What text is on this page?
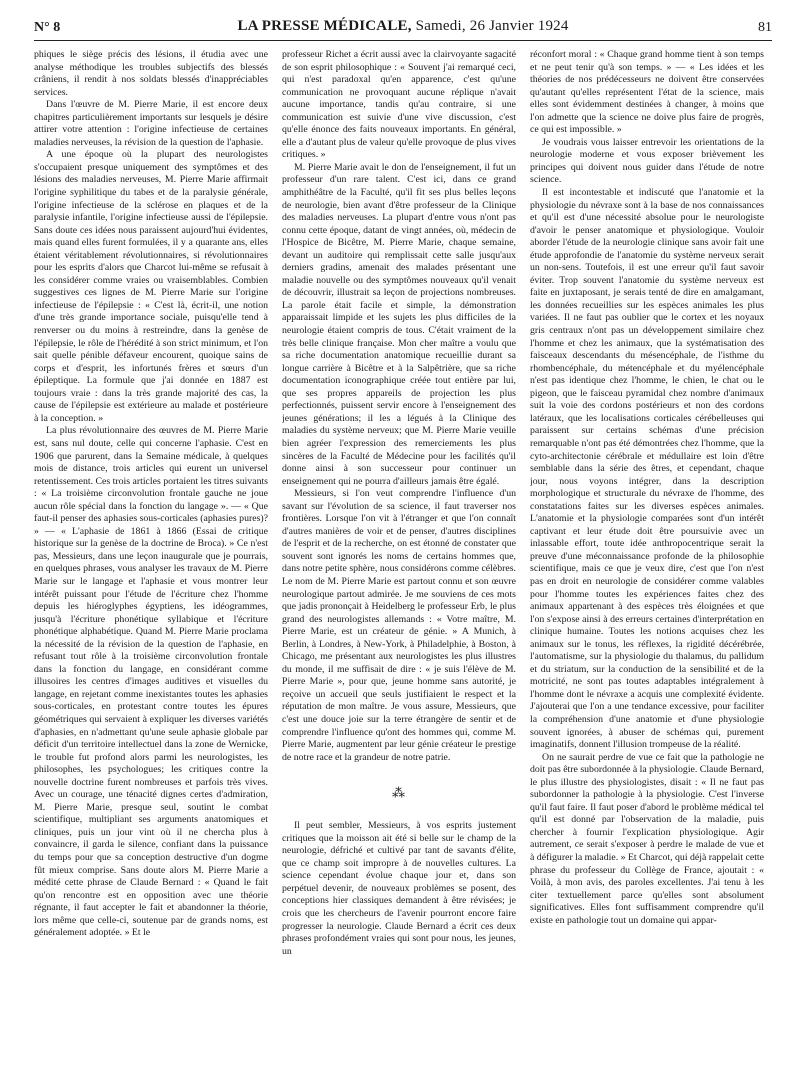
N° 8	LA PRESSE MÉDICALE, Samedi, 26 Janvier 1924	81

phiques le siège précis des lésions, il étudia avec une analyse méthodique les troubles subjectifs des blessés crâniens, il rendit à nos soldats blessés d'inappréciables services.

Dans l'œuvre de M. Pierre Marie, il est encore deux chapitres particulièrement importants sur lesquels je désire attirer votre attention : l'origine infectieuse de certaines maladies nerveuses, la révision de la question de l'aphasie.

A une époque où la plupart des neurologistes s'occupaient presque uniquement des symptômes et des lésions des maladies nerveuses, M. Pierre Marie affirmait l'origine syphilitique du tabes et de la paralysie générale, l'origine infectieuse de la sclérose en plaques et de la paralysie infantile, l'origine infectieuse aussi de l'épilepsie. Sans doute ces idées nous paraissent aujourd'hui évidentes, mais quand elles furent formulées, il y a quarante ans, elles étaient véritablement révolutionnaires, si révolutionnaires pour les esprits d'alors que Charcot lui-même se refusait à les considérer comme vraies ou vraisemblables. Combien suggestives ces lignes de M. Pierre Marie sur l'origine infectieuse de l'épilepsie : « C'est là, écrit-il, une notion d'une très grande importance sociale, puisqu'elle tend à renverser ou du moins à restreindre, dans la genèse de l'épilepsie, le rôle de l'hérédité à son strict minimum, et l'on sait quelle pénible défaveur encourent, quoique sains de corps et d'esprit, les infortunés frères et sœurs d'un épileptique. La formule que j'ai donnée en 1887 est toujours vraie : dans la très grande majorité des cas, la cause de l'épilepsie est extérieure au malade et postérieure à la conception. »

La plus révolutionnaire des œuvres de M. Pierre Marie est, sans nul doute, celle qui concerne l'aphasie. C'est en 1906 que parurent, dans la Semaine médicale, à quelques mois de distance, trois articles qui eurent un universel retentissement. Ces trois articles portaient les titres suivants : « La troisième circonvolution frontale gauche ne joue aucun rôle spécial dans la fonction du langage ». — « Que faut-il penser des aphasies sous-corticales (aphasies pures)? » — « L'aphasie de 1861 à 1866 (Essai de critique historique sur la genèse de la doctrine de Broca). » Ce n'est pas, Messieurs, dans une leçon inaugurale que je pourrais, en quelques phrases, vous analyser les travaux de M. Pierre Marie sur le langage et l'aphasie et vous montrer leur intérêt puissant pour l'étude de l'écriture chez l'homme depuis les hiéroglyphes égyptiens, les idéogrammes, jusqu'à l'écriture phonétique syllabique et l'écriture phonétique alphabétique. Quand M. Pierre Marie proclama la nécessité de la révision de la question de l'aphasie, en refusant tout rôle à la troisième circonvolution frontale dans la fonction du langage, en considérant comme illusoires les centres d'images auditives et visuelles du langage, en rejetant comme inexistantes toutes les aphasies sous-corticales, en protestant contre toutes les épures géométriques qui servaient à expliquer les diverses variétés d'aphasies, en n'admettant qu'une seule aphasie globale par déficit d'un territoire intellectuel dans la zone de Wernicke, le trouble fut profond alors parmi les neurologistes, les philosophes, les psychologues; les critiques contre la nouvelle doctrine furent nombreuses et parfois très vives. Avec un courage, une ténacité dignes certes d'admiration, M. Pierre Marie, presque seul, soutint le combat scientifique, multipliant ses arguments anatomiques et cliniques, puis un jour vint où il ne chercha plus à convaincre, il garda le silence, confiant dans la puissance du temps pour que sa conception destructive d'un dogme fût mieux comprise. Sans doute alors M. Pierre Marie a médité cette phrase de Claude Bernard : « Quand le fait qu'on rencontre est en opposition avec une théorie régnante, il faut accepter le fait et abandonner la théorie, lors même que celle-ci, soutenue par de grands noms, est généralement adoptée. » Et le

professeur Richet a écrit aussi avec la clairvoyante sagacité de son esprit philosophique : « Souvent j'ai remarqué ceci, qui n'est paradoxal qu'en apparence, c'est qu'une communication ne provoquant aucune réplique n'avait aucune importance, tandis qu'au contraire, si une communication est suivie d'une vive discussion, c'est qu'elle énonce des faits nouveaux importants. En général, elle a d'autant plus de valeur qu'elle provoque de plus vives critiques. »

M. Pierre Marie avait le don de l'enseignement, il fut un professeur d'un rare talent. C'est ici, dans ce grand amphithéâtre de la Faculté, qu'il fit ses plus belles leçons de neurologie, bien avant d'être professeur de la Clinique des maladies nerveuses. La plupart d'entre vous n'ont pas connu cette époque, datant de vingt années, où, médecin de l'Hospice de Bicêtre, M. Pierre Marie, chaque semaine, devant un auditoire qui remplissait cette salle jusqu'aux derniers gradins, amenait des malades présentant une maladie nouvelle ou des symptômes nouveaux qu'il venait de découvrir, illustrait sa leçon de projections nombreuses. La parole était facile et simple, la démonstration apparaissait limpide et les sujets les plus difficiles de la neurologie étaient compris de tous. C'était vraiment de la très belle clinique française. Mon cher maître a voulu que sa riche documentation anatomique recueillie durant sa longue carrière à Bicêtre et à la Salpêtrière, que sa riche documentation iconographique créée tout entière par lui, que ses propres appareils de projection les plus perfectionnés, puissent servir encore à l'enseignement des jeunes générations; il les a légués à la Clinique des maladies du système nerveux; que M. Pierre Marie veuille bien agréer l'expression des remerciements les plus sincères de la Faculté de Médecine pour les facilités qu'il donne ainsi à son successeur pour continuer un enseignement qui ne pourra d'ailleurs jamais être égalé.

Messieurs, si l'on veut comprendre l'influence d'un savant sur l'évolution de sa science, il faut traverser nos frontières. Lorsque l'on vit à l'étranger et que l'on connaît d'autres manières de voir et de penser, d'autres disciplines de l'esprit et de la recherche, on est étonné de constater que souvent sont ignorés les noms de certains hommes que, dans notre petite sphère, nous considérons comme célèbres. Le nom de M. Pierre Marie est partout connu et son œuvre neurologique partout admirée. Je me souviens de ces mots que jadis prononçait à Heidelberg le professeur Erb, le plus grand des neurologistes allemands : « Votre maître, M. Pierre Marie, est un créateur de génie. » A Munich, à Berlin, à Londres, à New-York, à Philadelphie, à Boston, à Chicago, me présentant aux neurologistes les plus illustres du monde, il me suffisait de dire : « je suis l'élève de M. Pierre Marie », pour que, jeune homme sans autorité, je reçoive un accueil que seuls justifiaient le respect et la réputation de mon maître. Je vous assure, Messieurs, que c'est une douce joie sur la terre étrangère de sentir et de comprendre l'influence qu'ont des hommes qui, comme M. Pierre Marie, augmentent par leur génie créateur le prestige de notre race et la grandeur de notre patrie.

⁂

Il peut sembler, Messieurs, à vos esprits justement critiques que la moisson ait été si belle sur le champ de la neurologie, défriché et cultivé par tant de savants d'élite, que ce champ soit impropre à de nouvelles cultures. La science cependant évolue chaque jour et, dans son perpétuel devenir, de nouveaux problèmes se posent, des conceptions hier classiques demandent à être révisées; je crois que les chercheurs de l'avenir pourront encore faire progresser la neurologie. Claude Bernard a écrit ces deux phrases profondément vraies qui sont pour nous, les jeunes, un

réconfort moral : « Chaque grand homme tient à son temps et ne peut tenir qu'à son temps. » — « Les idées et les théories de nos prédécesseurs ne doivent être conservées qu'autant qu'elles représentent l'état de la science, mais elles sont évidemment destinées à changer, à moins que l'on admette que la science ne doive plus faire de progrès, ce qui est impossible. »

Je voudrais vous laisser entrevoir les orientations de la neurologie moderne et vous exposer brièvement les principes qui doivent nous guider dans l'étude de notre science.

Il est incontestable et indiscuté que l'anatomie et la physiologie du névraxe sont à la base de nos connaissances et qu'il est d'une nécessité absolue pour le neurologiste d'avoir le penser anatomique et physiologique. Vouloir aborder l'étude de la neurologie clinique sans avoir fait une étude approfondie de l'anatomie du système nerveux serait un non-sens. Toutefois, il est une erreur qu'il faut savoir éviter. Trop souvent l'anatomie du système nerveux est faite en juxtaposant, je serais tenté de dire en amalgamant, les données recueillies sur les espèces animales les plus variées. Il ne faut pas oublier que le cortex et les noyaux gris centraux n'ont pas un développement similaire chez l'homme et chez les animaux, que la systématisation des faisceaux descendants du mésencéphale, de l'isthme du rhombencéphale, du métencéphale et du myélencéphale n'est pas identique chez l'homme, le chien, le chat ou le pigeon, que le faisceau pyramidal chez nombre d'animaux suit la voie des cordons postérieurs et non des cordons latéraux, que les localisations corticales cérébelleuses qui paraissent sur certains schémas d'une précision remarquable n'ont pas été démontrées chez l'homme, que la cyto-architectonie cérébrale et médullaire est loin d'être semblable dans la série des êtres, et cependant, chaque jour, nous voyons intégrer, dans la description morphologique et structurale du névraxe de l'homme, des constatations faites sur les diverses espèces animales. L'anatomie et la physiologie comparées sont d'un intérêt captivant et leur étude doit être poursuivie avec un inlassable effort, toute idée anthropocentrique serait la preuve d'une méconnaissance profonde de la philosophie scientifique, mais ce que je veux dire, c'est que l'on n'est pas en droit en neurologie de considérer comme valables pour l'homme toutes les expériences faites chez des animaux appartenant à des espèces très éloignées et que l'on s'expose ainsi à des erreurs certaines d'interprétation en clinique humaine. Toutes les notions acquises chez les animaux sur le tonus, les réflexes, la rigidité décérébrée, l'automatisme, sur la physiologie du thalamus, du pallidum et du striatum, sur la conduction de la sensibilité et de la motricité, ne sont pas toutes adaptables intégralement à l'homme dont le névraxe a acquis une complexité évidente. J'ajouterai que l'on a une tendance excessive, pour faciliter la compréhension d'une anatomie et d'une physiologie souvent ignorées, à abuser de schémas qui, purement imaginatifs, donnent l'illusion trompeuse de la réalité.

On ne saurait perdre de vue ce fait que la pathologie ne doit pas être subordonnée à la physiologie. Claude Bernard, le plus illustre des physiologistes, disait : « Il ne faut pas subordonner la pathologie à la physiologie. C'est l'inverse qu'il faut faire. Il faut poser d'abord le problème médical tel qu'il est donné par l'observation de la maladie, puis chercher à fournir l'explication physiologique. Agir autrement, ce serait s'exposer à perdre le malade de vue et à défigurer la maladie. » Et Charcot, qui déjà rappelait cette phrase du professeur du Collège de France, ajoutait : « Voilà, à mon avis, des paroles excellentes. J'ai tenu à les citer textuellement parce qu'elles sont absolument significatives. Elles font suffisamment comprendre qu'il existe en pathologie tout un domaine qui appar-
